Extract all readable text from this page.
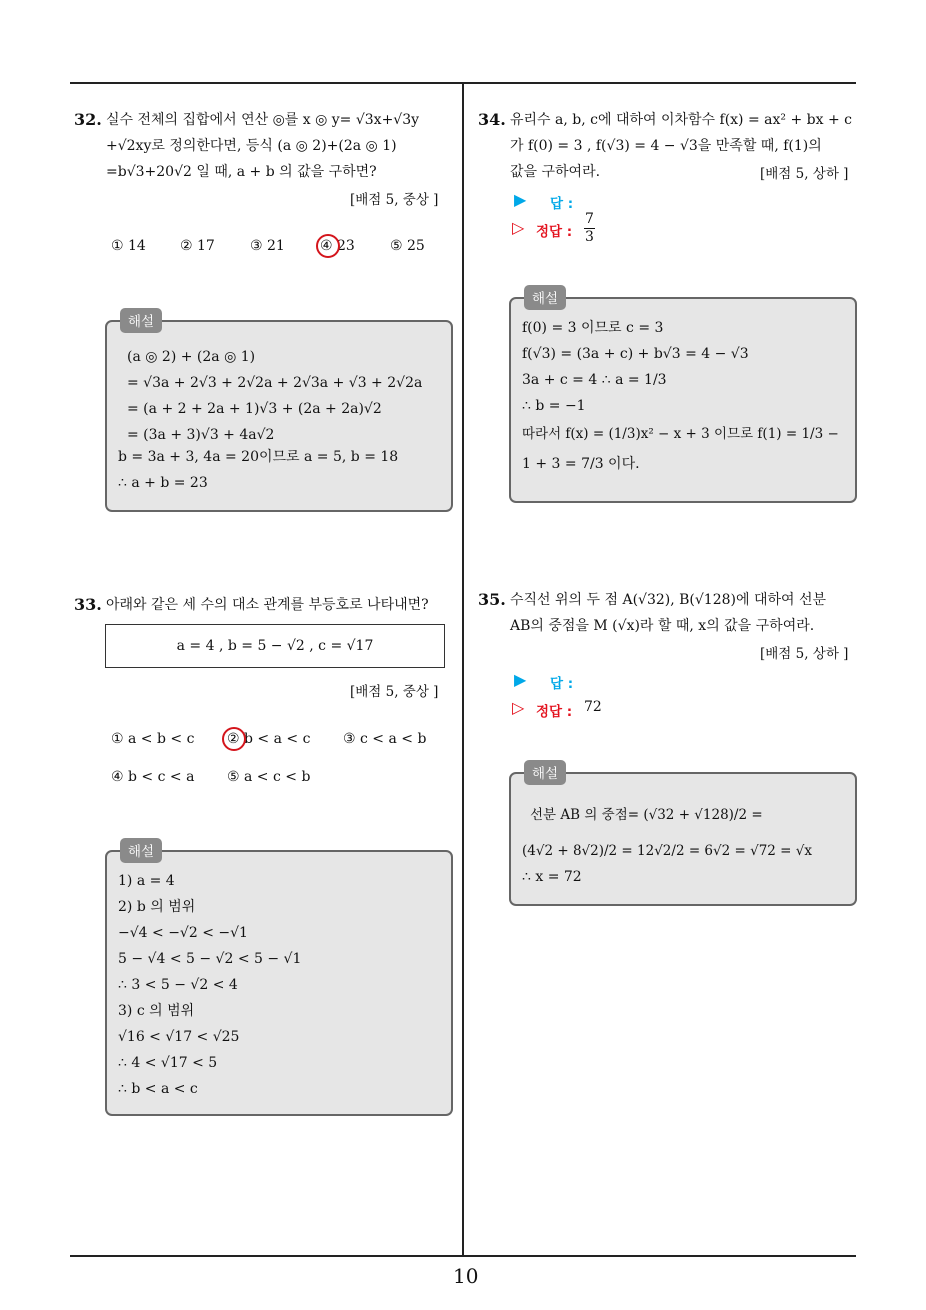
10
32. 실수 전체의 집합에서 연산 ◎를 x ◎ y= √3x+√3y
+√2xy로 정의한다면, 등식 (a ◎ 2)+(2a ◎ 1)
=b√3+20√2 일 때, a + b 의 값을 구하면?
[배점 5, 중상 ]
① 14 ② 17	③ 21	④ 23	⑤ 25
해설
(a ◎ 2) + (2a ◎ 1)
= √3a + 2√3 + 2√2a + 2√3a + √3 + 2√2a
= (a + 2 + 2a + 1)√3 + (2a + 2a)√2
= (3a + 3)√3 + 4a√2
b = 3a + 3, 4a = 20이므로 a = 5, b = 18
∴ a + b = 23
33. 아래와 같은 세 수의 대소 관계를 부등호로 나타내면?
a = 4 , b = 5 − √2 , c = √17
[배점 5, 중상 ]
① a < b < c ② b < a < c ③ c < a < b
④ b < c < a ⑤ a < c < b
해설
1) a = 4
2) b 의 범위
−√4 < −√2 < −√1
5 − √4 < 5 − √2 < 5 − √1
∴ 3 < 5 − √2 < 4
3) c 의 범위
√16 < √17 < √25
∴ 4 < √17 < 5
∴ b < a < c
34. 유리수 a, b, c에 대하여 이차함수 f(x) = ax² + bx + c
가 f(0) = 3 , f(√3) = 4 − √3을 만족할 때, f(1)의
값을 구하여라.	[배점 5, 상하 ]
▶ 답 :
▷ 정답 :
7
3
해설
f(0) = 3 이므로 c = 3
f(√3) = (3a + c) + b√3 = 4 − √3
3a + c = 4 ∴ a = 1/3
∴ b = −1
따라서 f(x) = (1/3)x² − x + 3 이므로 f(1) = 1/3 −
1 + 3 = 7/3 이다.
35. 수직선 위의 두 점 A(√32), B(√128)에 대하여 선분
AB의 중점을 M (√x)라 할 때, x의 값을 구하여라.
[배점 5, 상하 ]
▶ 답 :
▷ 정답 : 72
해설
선분 AB 의 중점= (√32 + √128)/2 =
(4√2 + 8√2)/2 = 12√2/2 = 6√2 = √72 = √x
∴ x = 72
